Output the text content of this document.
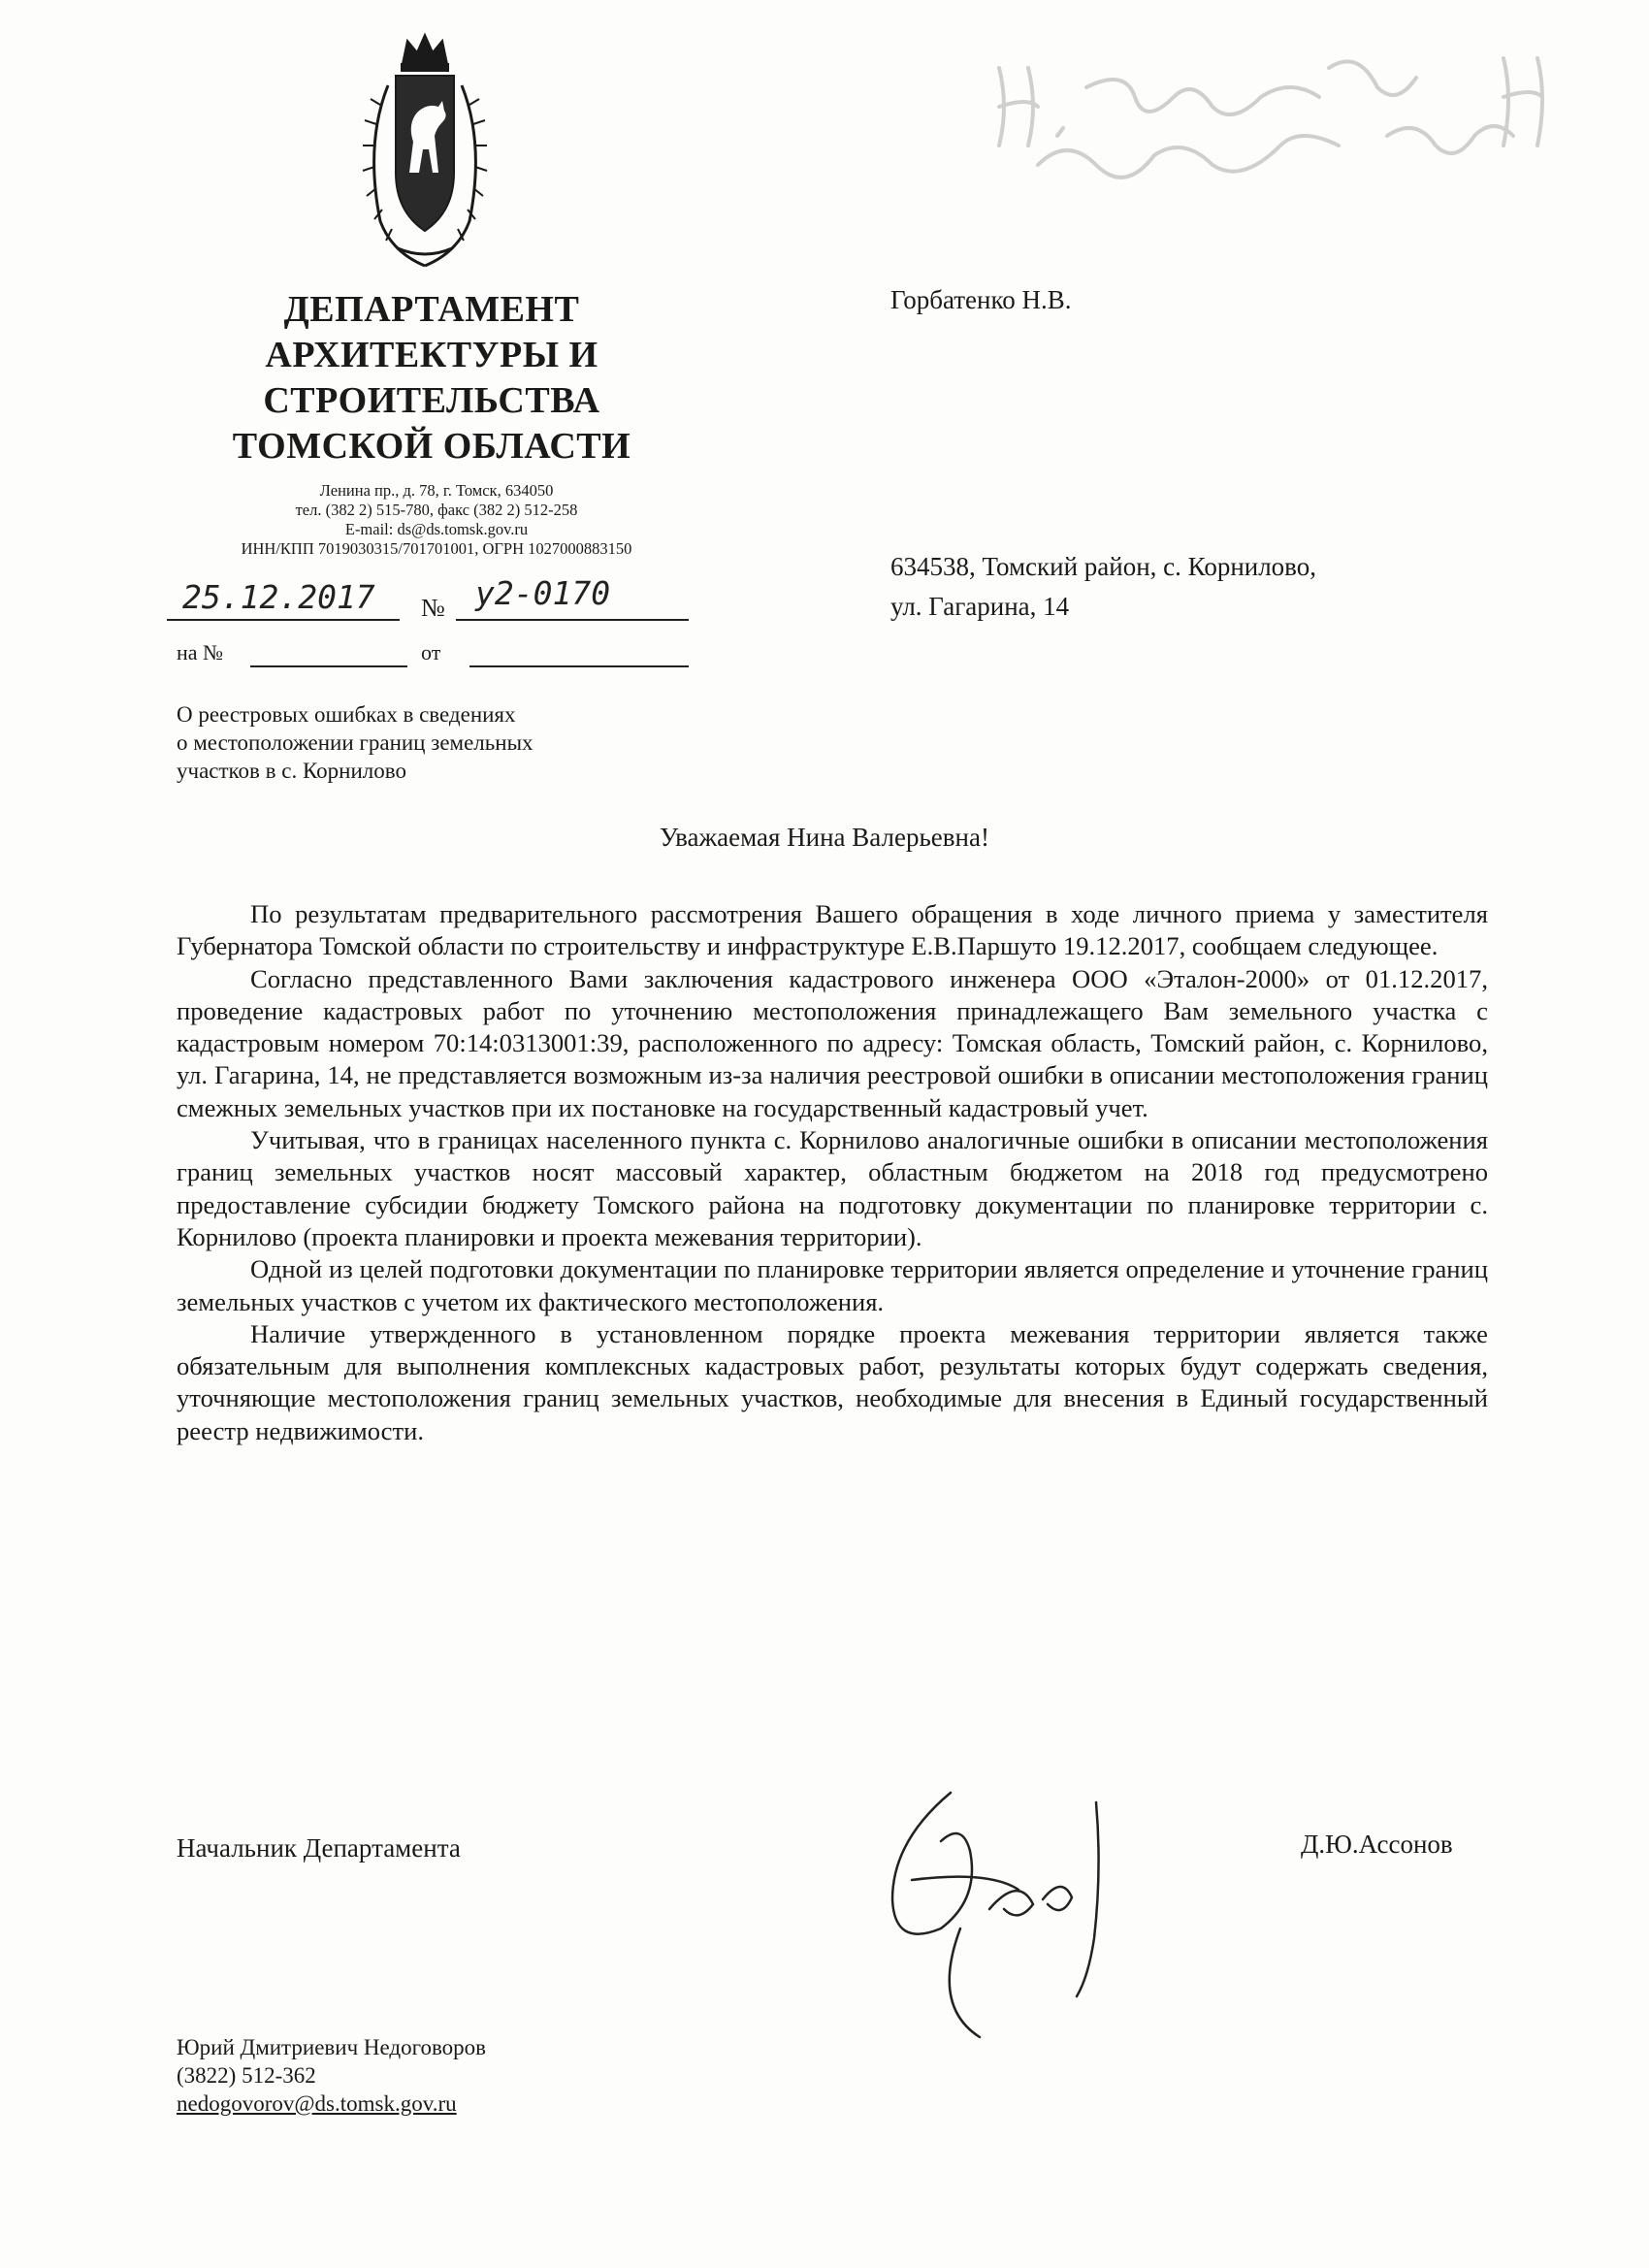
ДЕПАРТАМЕНТ
АРХИТЕКТУРЫ И
СТРОИТЕЛЬСТВА
ТОМСКОЙ ОБЛАСТИ
Ленина пр., д. 78, г. Томск, 634050
тел. (382 2) 515-780, факс (382 2) 512-258
E-mail: ds@ds.tomsk.gov.ru
ИНН/КПП 7019030315/701701001, ОГРН 1027000883150
25.12.2017 № у2-0170
на №	от
О реестровых ошибках в сведениях
о местоположении границ земельных
участков в с. Корнилово
Горбатенко Н.В.
634538, Томский район, с. Корнилово,
ул. Гагарина, 14
Уважаемая Нина Валерьевна!

По результатам предварительного рассмотрения Вашего обращения в ходе личного приема у заместителя Губернатора Томской области по строительству и инфраструктуре Е.В.Паршуто 19.12.2017, сообщаем следующее.

Согласно представленного Вами заключения кадастрового инженера ООО «Эталон-2000» от 01.12.2017, проведение кадастровых работ по уточнению местоположения принадлежащего Вам земельного участка с кадастровым номером 70:14:0313001:39, расположенного по адресу: Томская область, Томский район, с. Корнилово, ул. Гагарина, 14, не представляется возможным из-за наличия реестровой ошибки в описании местоположения границ смежных земельных участков при их постановке на государственный кадастровый учет.

Учитывая, что в границах населенного пункта с. Корнилово аналогичные ошибки в описании местоположения границ земельных участков носят массовый характер, областным бюджетом на 2018 год предусмотрено предоставление субсидии бюджету Томского района на подготовку документации по планировке территории с. Корнилово (проекта планировки и проекта межевания территории).

Одной из целей подготовки документации по планировке территории является определение и уточнение границ земельных участков с учетом их фактического местоположения.

Наличие утвержденного в установленном порядке проекта межевания территории является также обязательным для выполнения комплексных кадастровых работ, результаты которых будут содержать сведения, уточняющие местоположения границ земельных участков, необходимые для внесения в Единый государственный реестр недвижимости.

Начальник Департамента	Д.Ю.Ассонов
Юрий Дмитриевич Недоговоров
(3822) 512-362
nedogovorov@ds.tomsk.gov.ru
